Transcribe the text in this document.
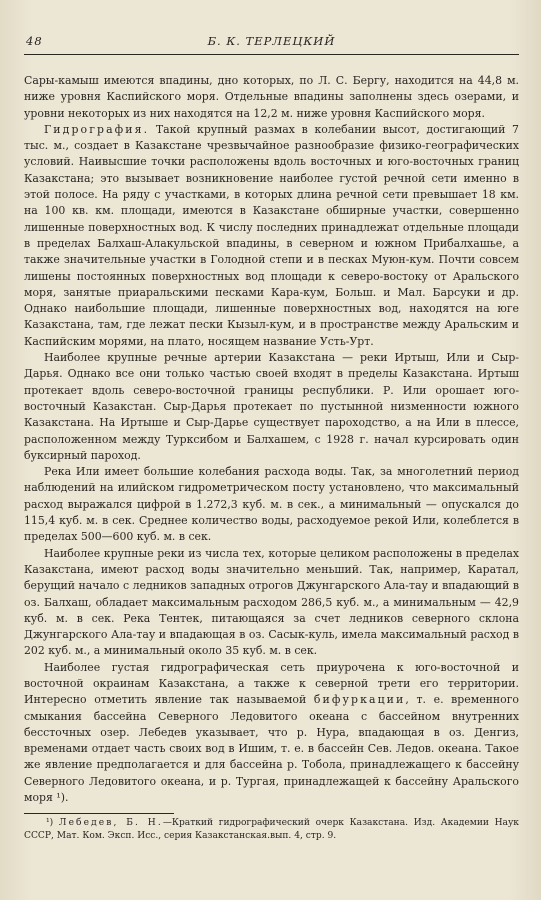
48	Б. К. ТЕРЛЕЦКИЙ

Сары-камыш имеются впадины, дно которых, по Л. С. Бергу, находится на 44,8 м. ниже уровня Каспийского моря. Отдельные впадины заполнены здесь озерами, и уровни некоторых из них находятся на 12,2 м. ниже уровня Каспийского моря.

Гидрография. Такой крупный размах в колебании высот, достигающий 7 тыс. м., создает в Казакстане чрезвычайное разнообразие физико-географических условий. Наивысшие точки расположены вдоль восточных и юго-восточных границ Казакстана; это вызывает возникновение наиболее густой речной сети именно в этой полосе. На ряду с участками, в которых длина речной сети превышает 18 км. на 100 кв. км. площади, имеются в Казакстане обширные участки, совершенно лишенные поверхностных вод. К числу последних принадлежат отдельные площади в пределах Балхаш-Алакульской впадины, в северном и южном Прибалхашье, а также значительные участки в Голодной степи и в песках Муюн-кум. Почти совсем лишены постоянных поверхностных вод площади к северо-востоку от Аральского моря, занятые приаральскими песками Кара-кум, Больш. и Мал. Барсуки и др. Однако наибольшие площади, лишенные поверхностных вод, находятся на юге Казакстана, там, где лежат пески Кызыл-кум, и в пространстве между Аральским и Каспийским морями, на плато, носящем название Усть-Урт.

Наиболее крупные речные артерии Казакстана — реки Иртыш, Или и Сыр-Дарья. Однако все они только частью своей входят в пределы Казакстана. Иртыш протекает вдоль северо-восточной границы республики. Р. Или орошает юго-восточный Казакстан. Сыр-Дарья протекает по пустынной низменности южного Казакстана. На Иртыше и Сыр-Дарье существует пароходство, а на Или в плессе, расположенном между Турксибом и Балхашем, с 1928 г. начал курсировать один буксирный пароход.

Река Или имеет большие колебания расхода воды. Так, за многолетний период наблюдений на илийском гидрометрическом посту установлено, что максимальный расход выражался цифрой в 1.272,3 куб. м. в сек., а минимальный — опускался до 115,4 куб. м. в сек. Среднее количество воды, расходуемое рекой Или, колеблется в пределах 500—600 куб. м. в сек.

Наиболее крупные реки из числа тех, которые целиком расположены в пределах Казакстана, имеют расход воды значительно меньший. Так, например, Каратал, берущий начало с ледников западных отрогов Джунгарского Ала-тау и впадающий в оз. Балхаш, обладает максимальным расходом 286,5 куб. м., а минимальным — 42,9 куб. м. в сек. Река Тентек, питающаяся за счет ледников северного склона Джунгарского Ала-тау и впадающая в оз. Сасык-куль, имела максимальный расход в 202 куб. м., а минимальный около 35 куб. м. в сек.

Наиболее густая гидрографическая сеть приурочена к юго-восточной и восточной окраинам Казакстана, а также к северной трети его территории. Интересно отметить явление так называемой бифуркации, т. е. временного смыкания бассейна Северного Ледовитого океана с бассейном внутренних бессточных озер. Лебедев указывает, что р. Нура, впадающая в оз. Денгиз, временами отдает часть своих вод в Ишим, т. е. в бассейн Сев. Ледов. океана. Такое же явление предполагается и для бассейна р. Тобола, принадлежащего к бассейну Северного Ледовитого океана, и р. Тургая, принадлежащей к бассейну Аральского моря ¹).

¹) Лебедев, Б. Н.—Краткий гидрографический очерк Казакстана. Изд. Академии Наук СССР, Мат. Ком. Эксп. Исс., серия Казакстанская.вып. 4, стр. 9.
